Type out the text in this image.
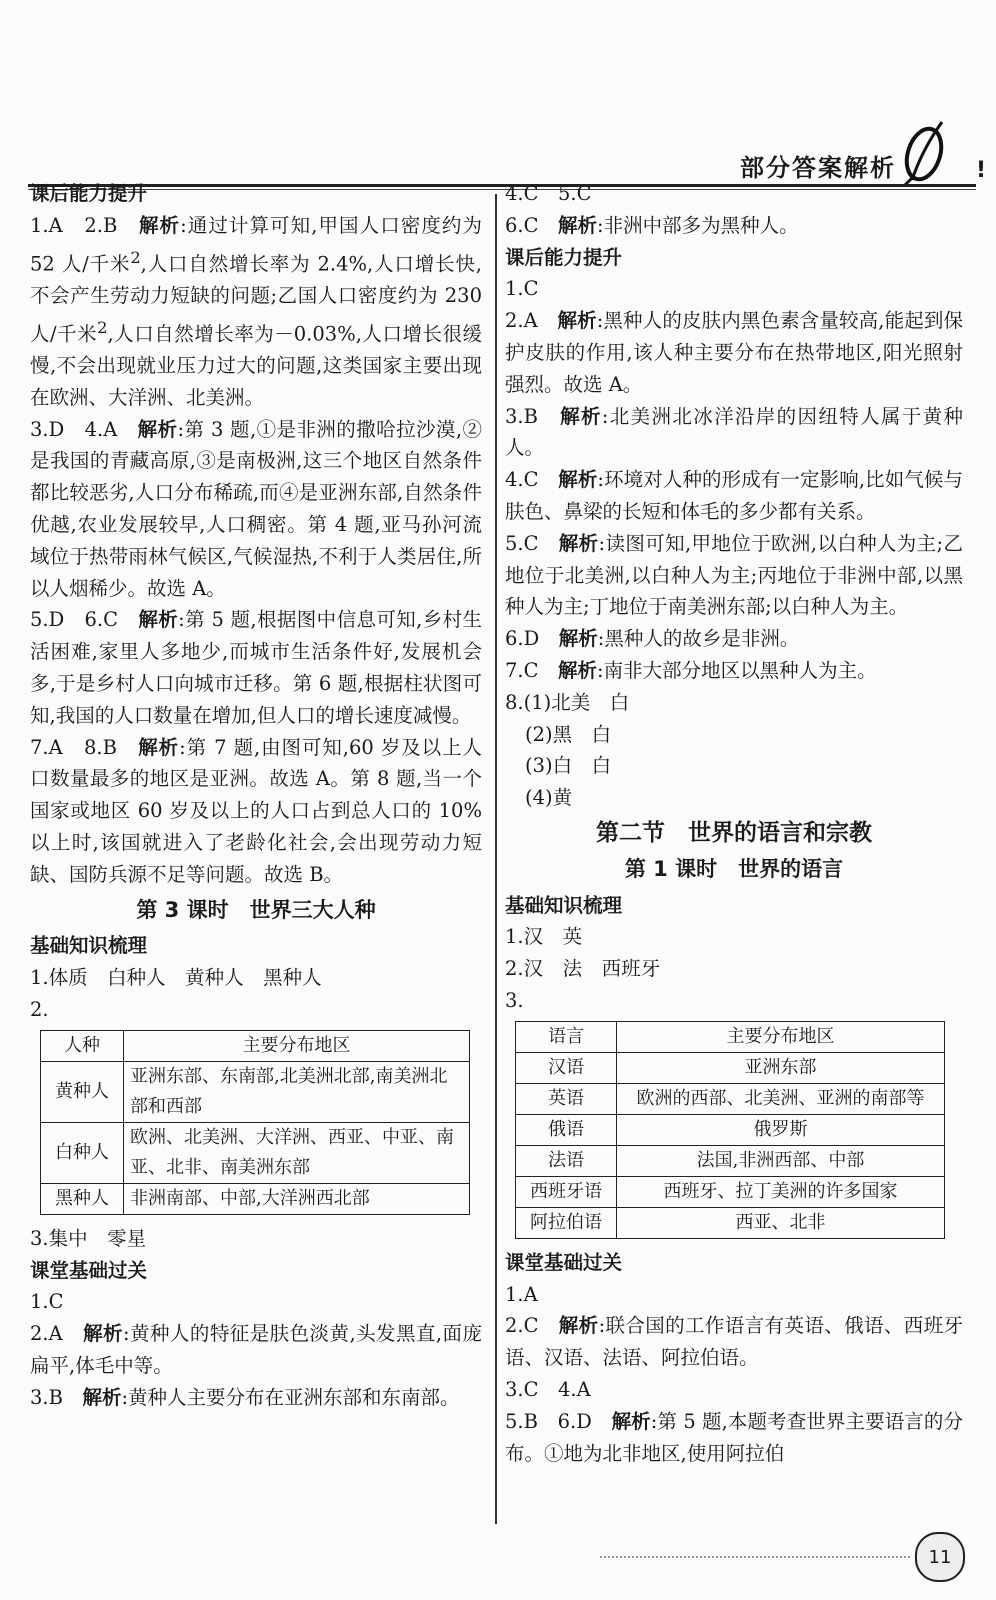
部分答案解析	!

课后能力提升

1.A　2.B　解析:通过计算可知,甲国人口密度约为 52 人/千米$^2$,人口自然增长率为 2.4%,人口增长快,不会产生劳动力短缺的问题;乙国人口密度约为 230 人/千米$^2$,人口自然增长率为－0.03%,人口增长很缓慢,不会出现就业压力过大的问题,这类国家主要出现在欧洲、大洋洲、北美洲。

3.D　4.A　解析:第 3 题,①是非洲的撒哈拉沙漠,②是我国的青藏高原,③是南极洲,这三个地区自然条件都比较恶劣,人口分布稀疏,而④是亚洲东部,自然条件优越,农业发展较早,人口稠密。第 4 题,亚马孙河流域位于热带雨林气候区,气候湿热,不利于人类居住,所以人烟稀少。故选 A。

5.D　6.C　解析:第 5 题,根据图中信息可知,乡村生活困难,家里人多地少,而城市生活条件好,发展机会多,于是乡村人口向城市迁移。第 6 题,根据柱状图可知,我国的人口数量在增加,但人口的增长速度减慢。

7.A　8.B　解析:第 7 题,由图可知,60 岁及以上人口数量最多的地区是亚洲。故选 A。第 8 题,当一个国家或地区 60 岁及以上的人口占到总人口的 10%以上时,该国就进入了老龄化社会,会出现劳动力短缺、国防兵源不足等问题。故选 B。

第 3 课时　世界三大人种

基础知识梳理

1.体质　白种人　黄种人　黑种人

2.

人种	主要分布地区
黄种人	亚洲东部、东南部,北美洲北部,南美洲北部和西部
白种人	欧洲、北美洲、大洋洲、西亚、中亚、南亚、北非、南美洲东部
黑种人	非洲南部、中部,大洋洲西北部

3.集中　零星

课堂基础过关

1.C

2.A　解析:黄种人的特征是肤色淡黄,头发黑直,面庞扁平,体毛中等。

3.B　解析:黄种人主要分布在亚洲东部和东南部。

4.C　5.C

6.C　解析:非洲中部多为黑种人。

课后能力提升

1.C

2.A　解析:黑种人的皮肤内黑色素含量较高,能起到保护皮肤的作用,该人种主要分布在热带地区,阳光照射强烈。故选 A。

3.B　解析:北美洲北冰洋沿岸的因纽特人属于黄种人。

4.C　解析:环境对人种的形成有一定影响,比如气候与肤色、鼻梁的长短和体毛的多少都有关系。

5.C　解析:读图可知,甲地位于欧洲,以白种人为主;乙地位于北美洲,以白种人为主;丙地位于非洲中部,以黑种人为主;丁地位于南美洲东部;以白种人为主。

6.D　解析:黑种人的故乡是非洲。

7.C　解析:南非大部分地区以黑种人为主。

8.(1)北美　白

(2)黑　白

(3)白　白

(4)黄

第二节　世界的语言和宗教

第 1 课时　世界的语言

基础知识梳理

1.汉　英

2.汉　法　西班牙

3.

语言	主要分布地区
汉语	亚洲东部
英语	欧洲的西部、北美洲、亚洲的南部等
俄语	俄罗斯
法语	法国,非洲西部、中部
西班牙语	西班牙、拉丁美洲的许多国家
阿拉伯语	西亚、北非

课堂基础过关

1.A

2.C　解析:联合国的工作语言有英语、俄语、西班牙语、汉语、法语、阿拉伯语。

3.C　4.A

5.B　6.D　解析:第 5 题,本题考查世界主要语言的分布。①地为北非地区,使用阿拉伯

11
